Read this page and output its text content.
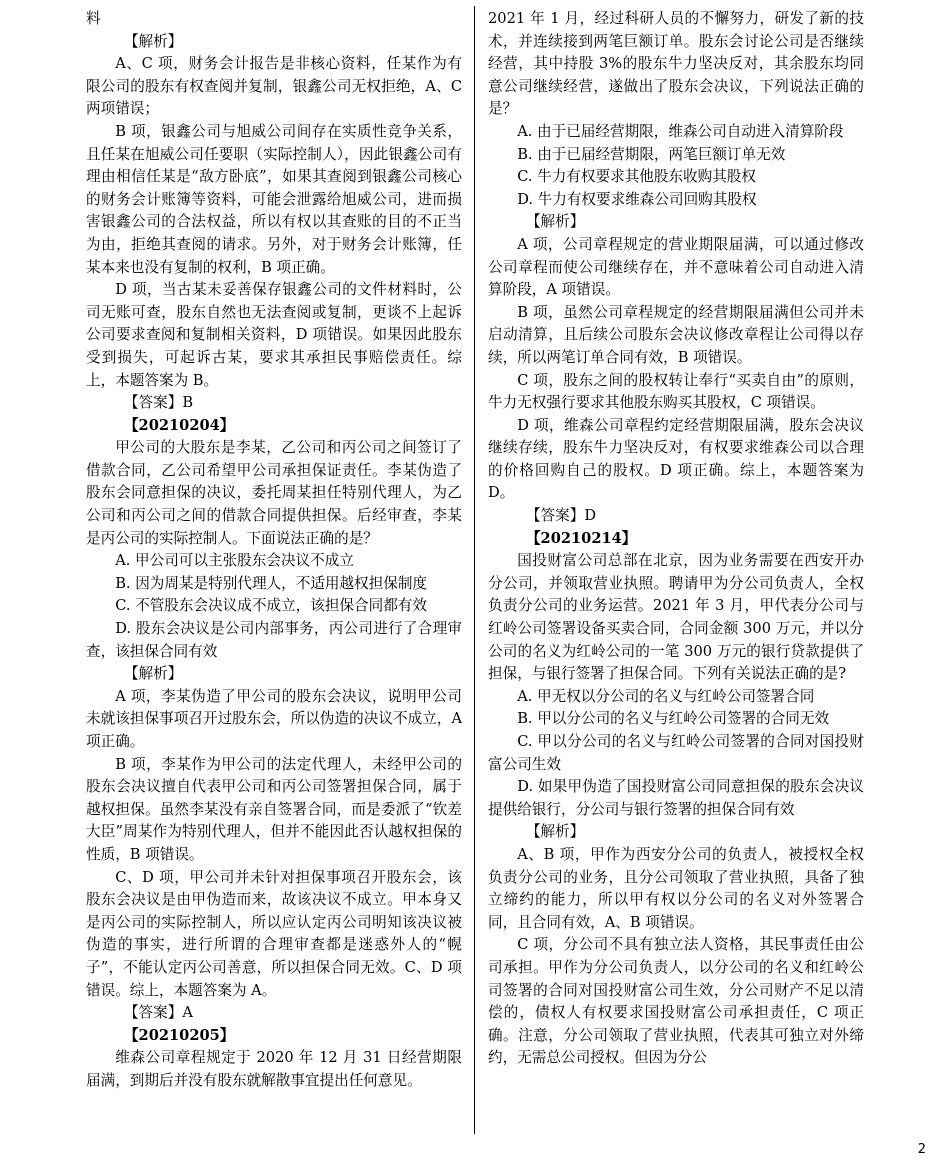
料

【解析】

A、C 项，财务会计报告是非核心资料，任某作为有限公司的股东有权查阅并复制，银鑫公司无权拒绝，A、C 两项错误；

B 项，银鑫公司与旭威公司间存在实质性竞争关系，且任某在旭威公司任要职（实际控制人），因此银鑫公司有理由相信任某是“敌方卧底”，如果其查阅到银鑫公司核心的财务会计账簿等资料，可能会泄露给旭威公司，进而损害银鑫公司的合法权益，所以有权以其查账的目的不正当为由，拒绝其查阅的请求。另外，对于财务会计账簿，任某本来也没有复制的权利，B 项正确。

D 项，当古某未妥善保存银鑫公司的文件材料时，公司无账可查，股东自然也无法查阅或复制，更谈不上起诉公司要求查阅和复制相关资料，D 项错误。如果因此股东受到损失，可起诉古某，要求其承担民事赔偿责任。综上，本题答案为 B。

【答案】B

【20210204】

甲公司的大股东是李某，乙公司和丙公司之间签订了借款合同，乙公司希望甲公司承担保证责任。李某伪造了股东会同意担保的决议，委托周某担任特别代理人，为乙公司和丙公司之间的借款合同提供担保。后经审查，李某是丙公司的实际控制人。下面说法正确的是？

A. 甲公司可以主张股东会决议不成立

B. 因为周某是特别代理人，不适用越权担保制度

C. 不管股东会决议成不成立，该担保合同都有效

D. 股东会决议是公司内部事务，丙公司进行了合理审查，该担保合同有效

【解析】

A 项，李某伪造了甲公司的股东会决议，说明甲公司未就该担保事项召开过股东会，所以伪造的决议不成立，A 项正确。

B 项，李某作为甲公司的法定代理人，未经甲公司的股东会决议擅自代表甲公司和丙公司签署担保合同，属于越权担保。虽然李某没有亲自签署合同，而是委派了“钦差大臣”周某作为特别代理人，但并不能因此否认越权担保的性质，B 项错误。

C、D 项，甲公司并未针对担保事项召开股东会，该股东会决议是由甲伪造而来，故该决议不成立。甲本身又是丙公司的实际控制人，所以应认定丙公司明知该决议被伪造的事实，进行所谓的合理审查都是迷惑外人的“幌子”，不能认定丙公司善意，所以担保合同无效。C、D 项错误。综上，本题答案为 A。

【答案】A

【20210205】

维森公司章程规定于 2020 年 12 月 31 日经营期限届满，到期后并没有股东就解散事宜提出任何意见。

2021 年 1 月，经过科研人员的不懈努力，研发了新的技术，并连续接到两笔巨额订单。股东会讨论公司是否继续经营，其中持股 3%的股东牛力坚决反对，其余股东均同意公司继续经营，遂做出了股东会决议，下列说法正确的是？

A. 由于已届经营期限，维森公司自动进入清算阶段

B. 由于已届经营期限，两笔巨额订单无效

C. 牛力有权要求其他股东收购其股权

D. 牛力有权要求维森公司回购其股权

【解析】

A 项，公司章程规定的营业期限届满，可以通过修改公司章程而使公司继续存在，并不意味着公司自动进入清算阶段，A 项错误。

B 项，虽然公司章程规定的经营期限届满但公司并未启动清算，且后续公司股东会决议修改章程让公司得以存续，所以两笔订单合同有效，B 项错误。

C 项，股东之间的股权转让奉行“买卖自由”的原则，牛力无权强行要求其他股东购买其股权，C 项错误。

D 项，维森公司章程约定经营期限届满，股东会决议继续存续，股东牛力坚决反对，有权要求维森公司以合理的价格回购自己的股权。D 项正确。综上，本题答案为 D。

【答案】D

【20210214】

国投财富公司总部在北京，因为业务需要在西安开办分公司，并领取营业执照。聘请甲为分公司负责人，全权负责分公司的业务运营。2021 年 3 月，甲代表分公司与红岭公司签署设备买卖合同，合同金额 300 万元，并以分公司的名义为红岭公司的一笔 300 万元的银行贷款提供了担保，与银行签署了担保合同。下列有关说法正确的是?

A. 甲无权以分公司的名义与红岭公司签署合同

B. 甲以分公司的名义与红岭公司签署的合同无效

C. 甲以分公司的名义与红岭公司签署的合同对国投财富公司生效

D. 如果甲伪造了国投财富公司同意担保的股东会决议提供给银行，分公司与银行签署的担保合同有效

【解析】

A、B 项，甲作为西安分公司的负责人，被授权全权负责分公司的业务，且分公司领取了营业执照，具备了独立缔约的能力，所以甲有权以分公司的名义对外签署合同，且合同有效，A、B 项错误。

C 项，分公司不具有独立法人资格，其民事责任由公司承担。甲作为分公司负责人，以分公司的名义和红岭公司签署的合同对国投财富公司生效，分公司财产不足以清偿的，债权人有权要求国投财富公司承担责任，C 项正确。注意，分公司领取了营业执照，代表其可独立对外缔约，无需总公司授权。但因为分公

2
